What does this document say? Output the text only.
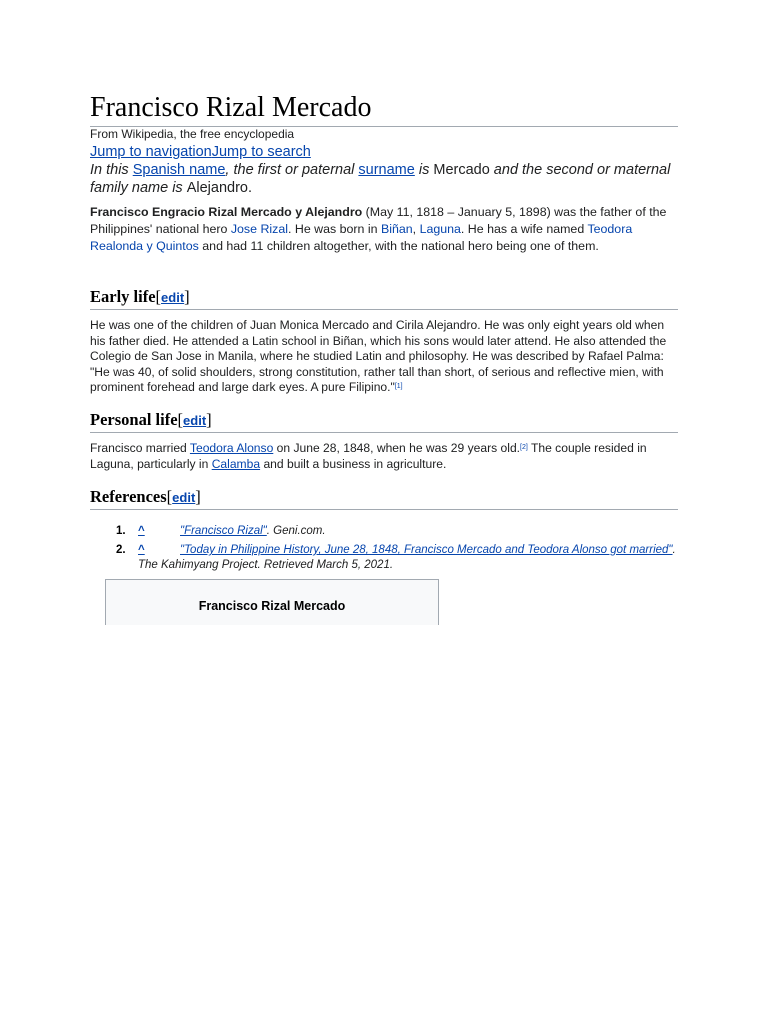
Francisco Rizal Mercado
From Wikipedia, the free encyclopedia
Jump to navigationJump to search
In this Spanish name, the first or paternal surname is Mercado and the second or maternal family name is Alejandro.
Francisco Engracio Rizal Mercado y Alejandro (May 11, 1818 – January 5, 1898) was the father of the Philippines' national hero Jose Rizal. He was born in Biñan, Laguna. He has a wife named Teodora Realonda y Quintos and had 11 children altogether, with the national hero being one of them.
Early life[edit]
He was one of the children of Juan Monica Mercado and Cirila Alejandro. He was only eight years old when his father died. He attended a Latin school in Biñan, which his sons would later attend. He also attended the Colegio de San Jose in Manila, where he studied Latin and philosophy. He was described by Rafael Palma: "He was 40, of solid shoulders, strong constitution, rather tall than short, of serious and reflective mien, with prominent forehead and large dark eyes. A pure Filipino."[1]
Personal life[edit]
Francisco married Teodora Alonso on June 28, 1848, when he was 29 years old.[2] The couple resided in Laguna, particularly in Calamba and built a business in agriculture.
References[edit]
1. ^	"Francisco Rizal". Geni.com.
2. ^	"Today in Philippine History, June 28, 1848, Francisco Mercado and Teodora Alonso got married". The Kahimyang Project. Retrieved March 5, 2021.
Francisco Rizal Mercado
